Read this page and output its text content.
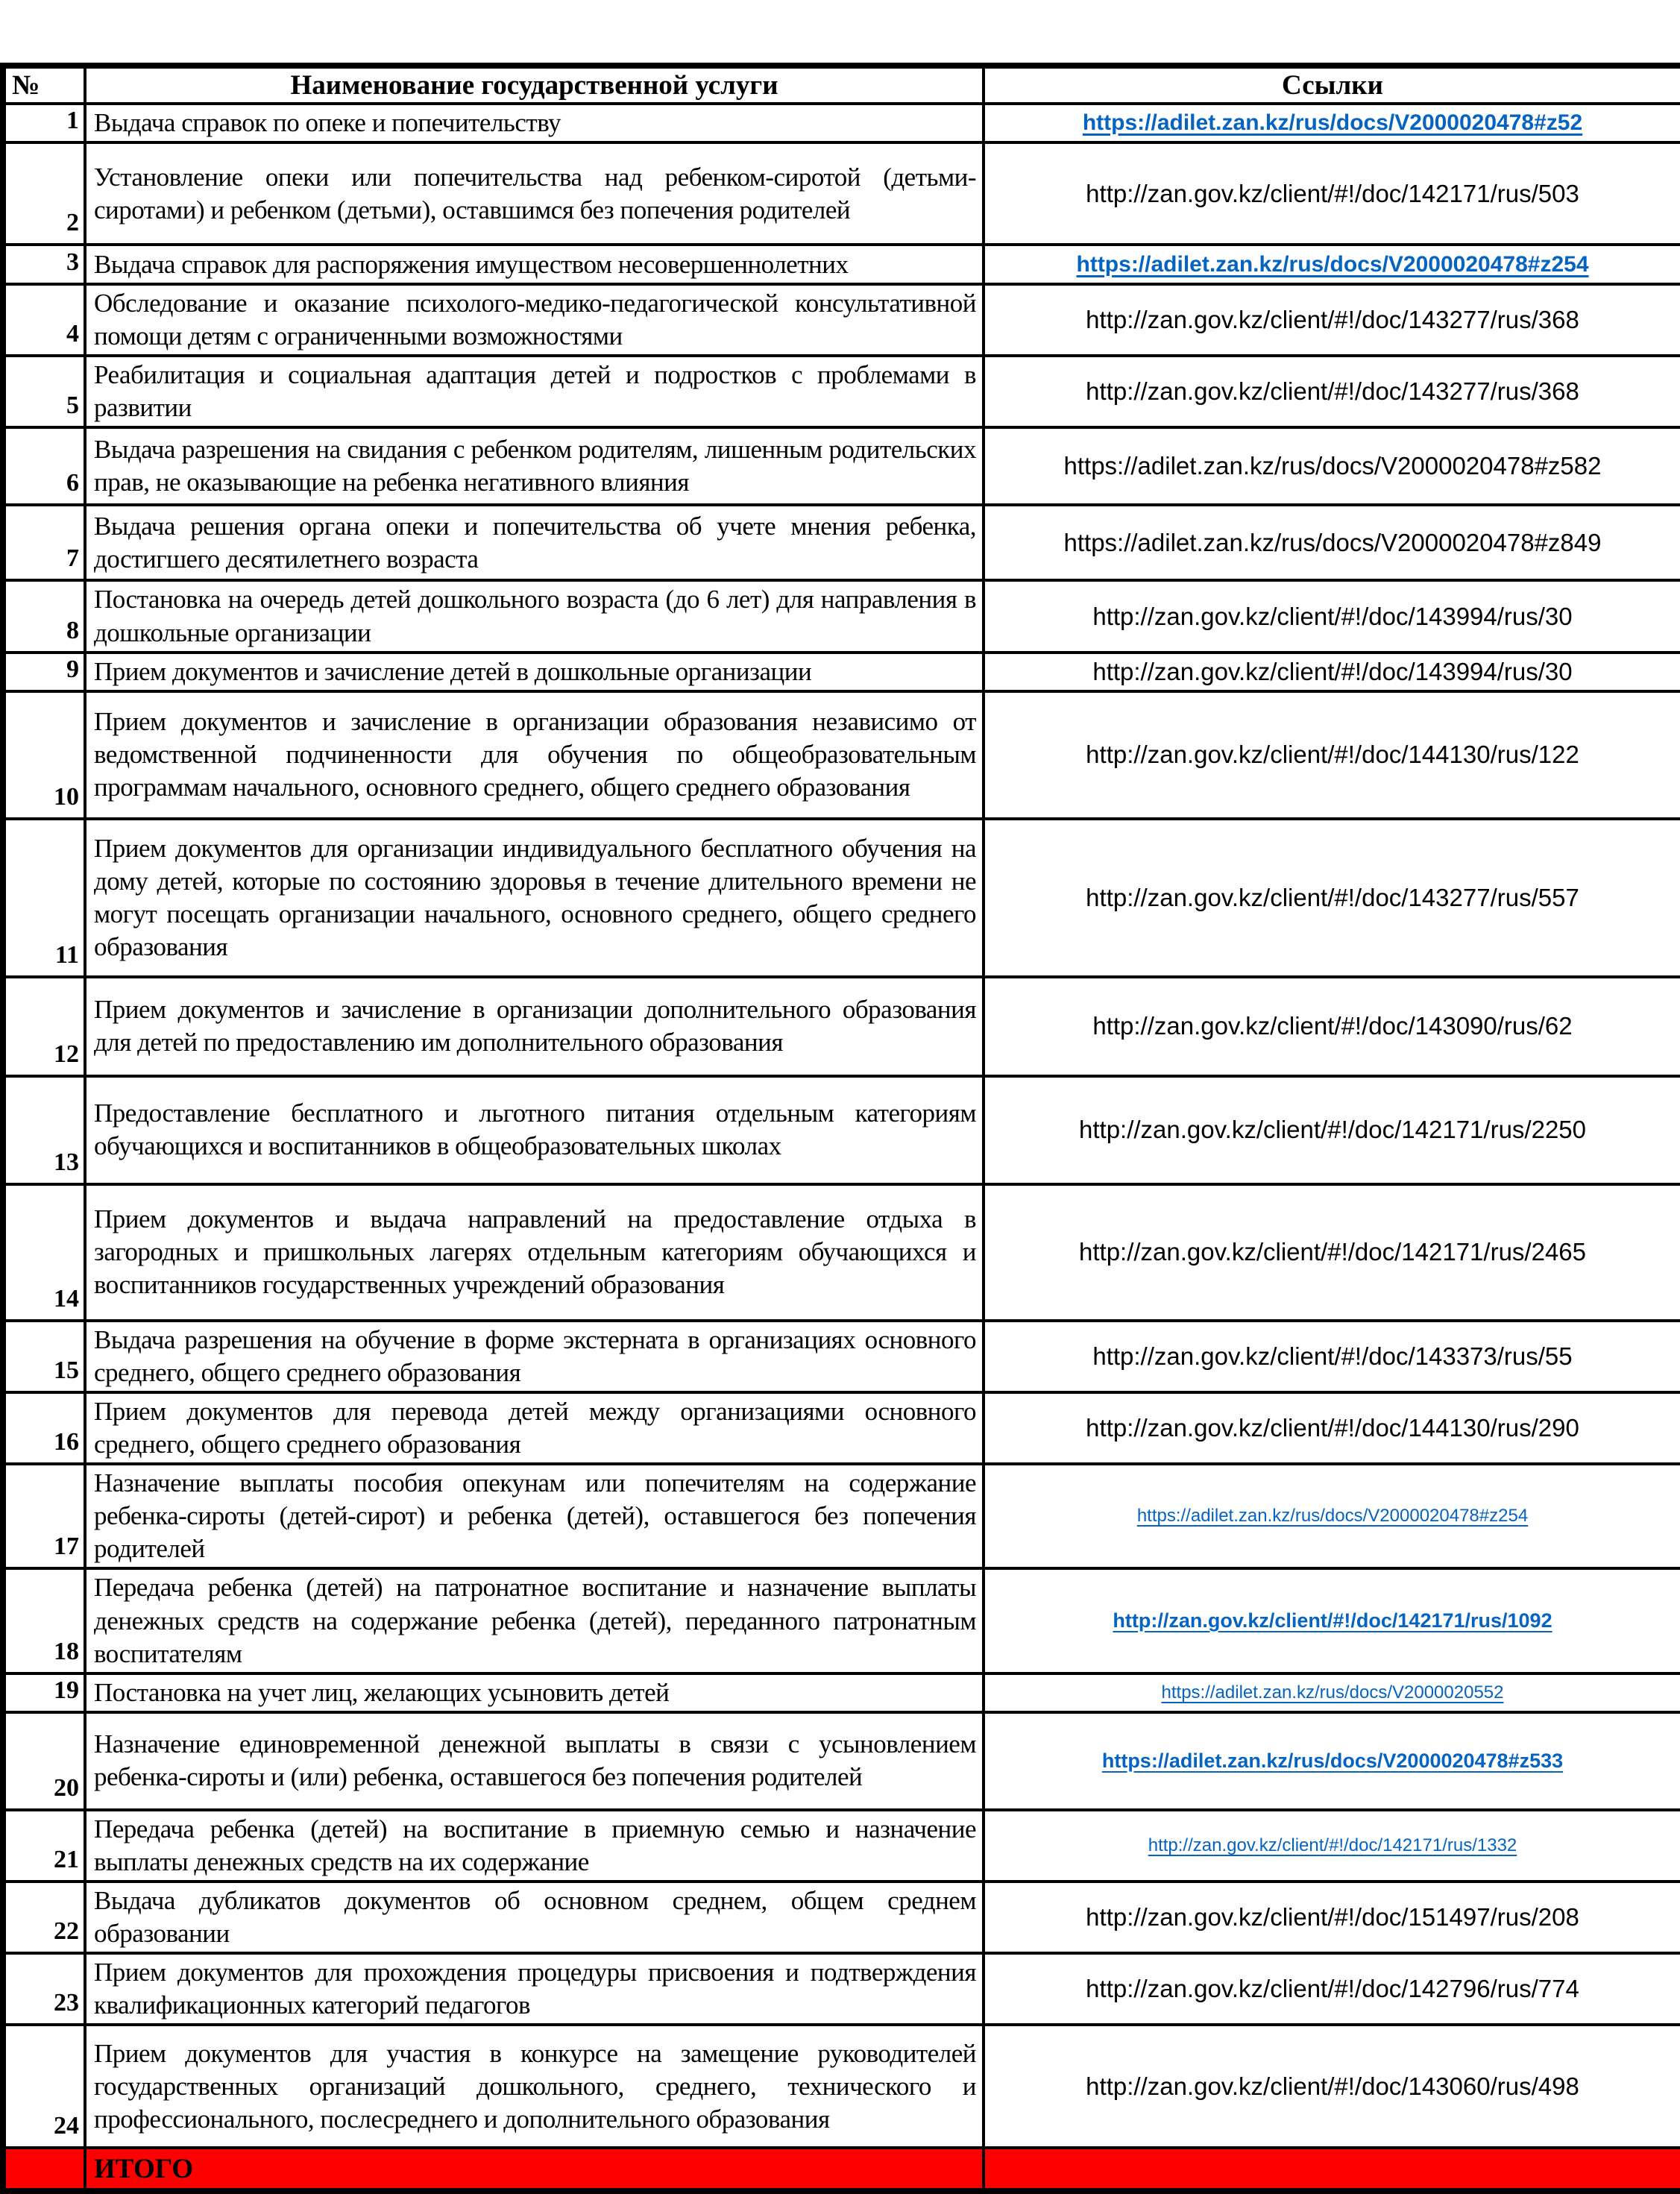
№	Наименование государственной услуги	Ссылки
1	Выдача справок по опеке и попечительству	https://adilet.zan.kz/rus/docs/V2000020478#z52
2	Установление опеки или попечительства над ребенком-сиротой (детьми-сиротами) и ребенком (детьми), оставшимся без попечения родителей	http://zan.gov.kz/client/#!/doc/142171/rus/503
3	Выдача справок для распоряжения имуществом несовершеннолетних	https://adilet.zan.kz/rus/docs/V2000020478#z254
4	Обследование и оказание психолого-медико-педагогической консультативной помощи детям с ограниченными возможностями	http://zan.gov.kz/client/#!/doc/143277/rus/368
5	Реабилитация и социальная адаптация детей и подростков с проблемами в развитии	http://zan.gov.kz/client/#!/doc/143277/rus/368
6	Выдача разрешения на свидания с ребенком родителям, лишенным родительских прав, не оказывающие на ребенка негативного влияния	https://adilet.zan.kz/rus/docs/V2000020478#z582
7	Выдача решения органа опеки и попечительства об учете мнения ребенка, достигшего десятилетнего возраста	https://adilet.zan.kz/rus/docs/V2000020478#z849
8	Постановка на очередь детей дошкольного возраста (до 6 лет) для направления в дошкольные организации	http://zan.gov.kz/client/#!/doc/143994/rus/30
9	Прием документов и зачисление детей в дошкольные организации	http://zan.gov.kz/client/#!/doc/143994/rus/30
10	Прием документов и зачисление в организации образования независимо от ведомственной подчиненности для обучения по общеобразовательным программам начального, основного среднего, общего среднего образования	http://zan.gov.kz/client/#!/doc/144130/rus/122
11	Прием документов для организации индивидуального бесплатного обучения на дому детей, которые по состоянию здоровья в течение длительного времени не могут посещать организации начального, основного среднего, общего среднего образования	http://zan.gov.kz/client/#!/doc/143277/rus/557
12	Прием документов и зачисление в организации дополнительного образования для детей по предоставлению им дополнительного образования	http://zan.gov.kz/client/#!/doc/143090/rus/62
13	Предоставление бесплатного и льготного питания отдельным категориям обучающихся и воспитанников в общеобразовательных школах	http://zan.gov.kz/client/#!/doc/142171/rus/2250
14	Прием документов и выдача направлений на предоставление отдыха в загородных и пришкольных лагерях отдельным категориям обучающихся и воспитанников государственных учреждений образования	http://zan.gov.kz/client/#!/doc/142171/rus/2465
15	Выдача разрешения на обучение в форме экстерната в организациях основного среднего, общего среднего образования	http://zan.gov.kz/client/#!/doc/143373/rus/55
16	Прием документов для перевода детей между организациями основного среднего, общего среднего образования	http://zan.gov.kz/client/#!/doc/144130/rus/290
17	Назначение выплаты пособия опекунам или попечителям на содержание ребенка-сироты (детей-сирот) и ребенка (детей), оставшегося без попечения родителей	https://adilet.zan.kz/rus/docs/V2000020478#z254
18	Передача ребенка (детей) на патронатное воспитание и назначение выплаты денежных средств на содержание ребенка (детей), переданного патронатным воспитателям	http://zan.gov.kz/client/#!/doc/142171/rus/1092
19	Постановка на учет лиц, желающих усыновить детей	https://adilet.zan.kz/rus/docs/V2000020552
20	Назначение единовременной денежной выплаты в связи с усыновлением ребенка-сироты и (или) ребенка, оставшегося без попечения родителей	https://adilet.zan.kz/rus/docs/V2000020478#z533
21	Передача ребенка (детей) на воспитание в приемную семью и назначение выплаты денежных средств на их содержание	http://zan.gov.kz/client/#!/doc/142171/rus/1332
22	Выдача дубликатов документов об основном среднем, общем среднем образовании	http://zan.gov.kz/client/#!/doc/151497/rus/208
23	Прием документов для прохождения процедуры присвоения и подтверждения квалификационных категорий педагогов	http://zan.gov.kz/client/#!/doc/142796/rus/774
24	Прием документов для участия в конкурсе на замещение руководителей государственных организаций дошкольного, среднего, технического и профессионального, послесреднего и дополнительного образования	http://zan.gov.kz/client/#!/doc/143060/rus/498
	ИТОГО	
